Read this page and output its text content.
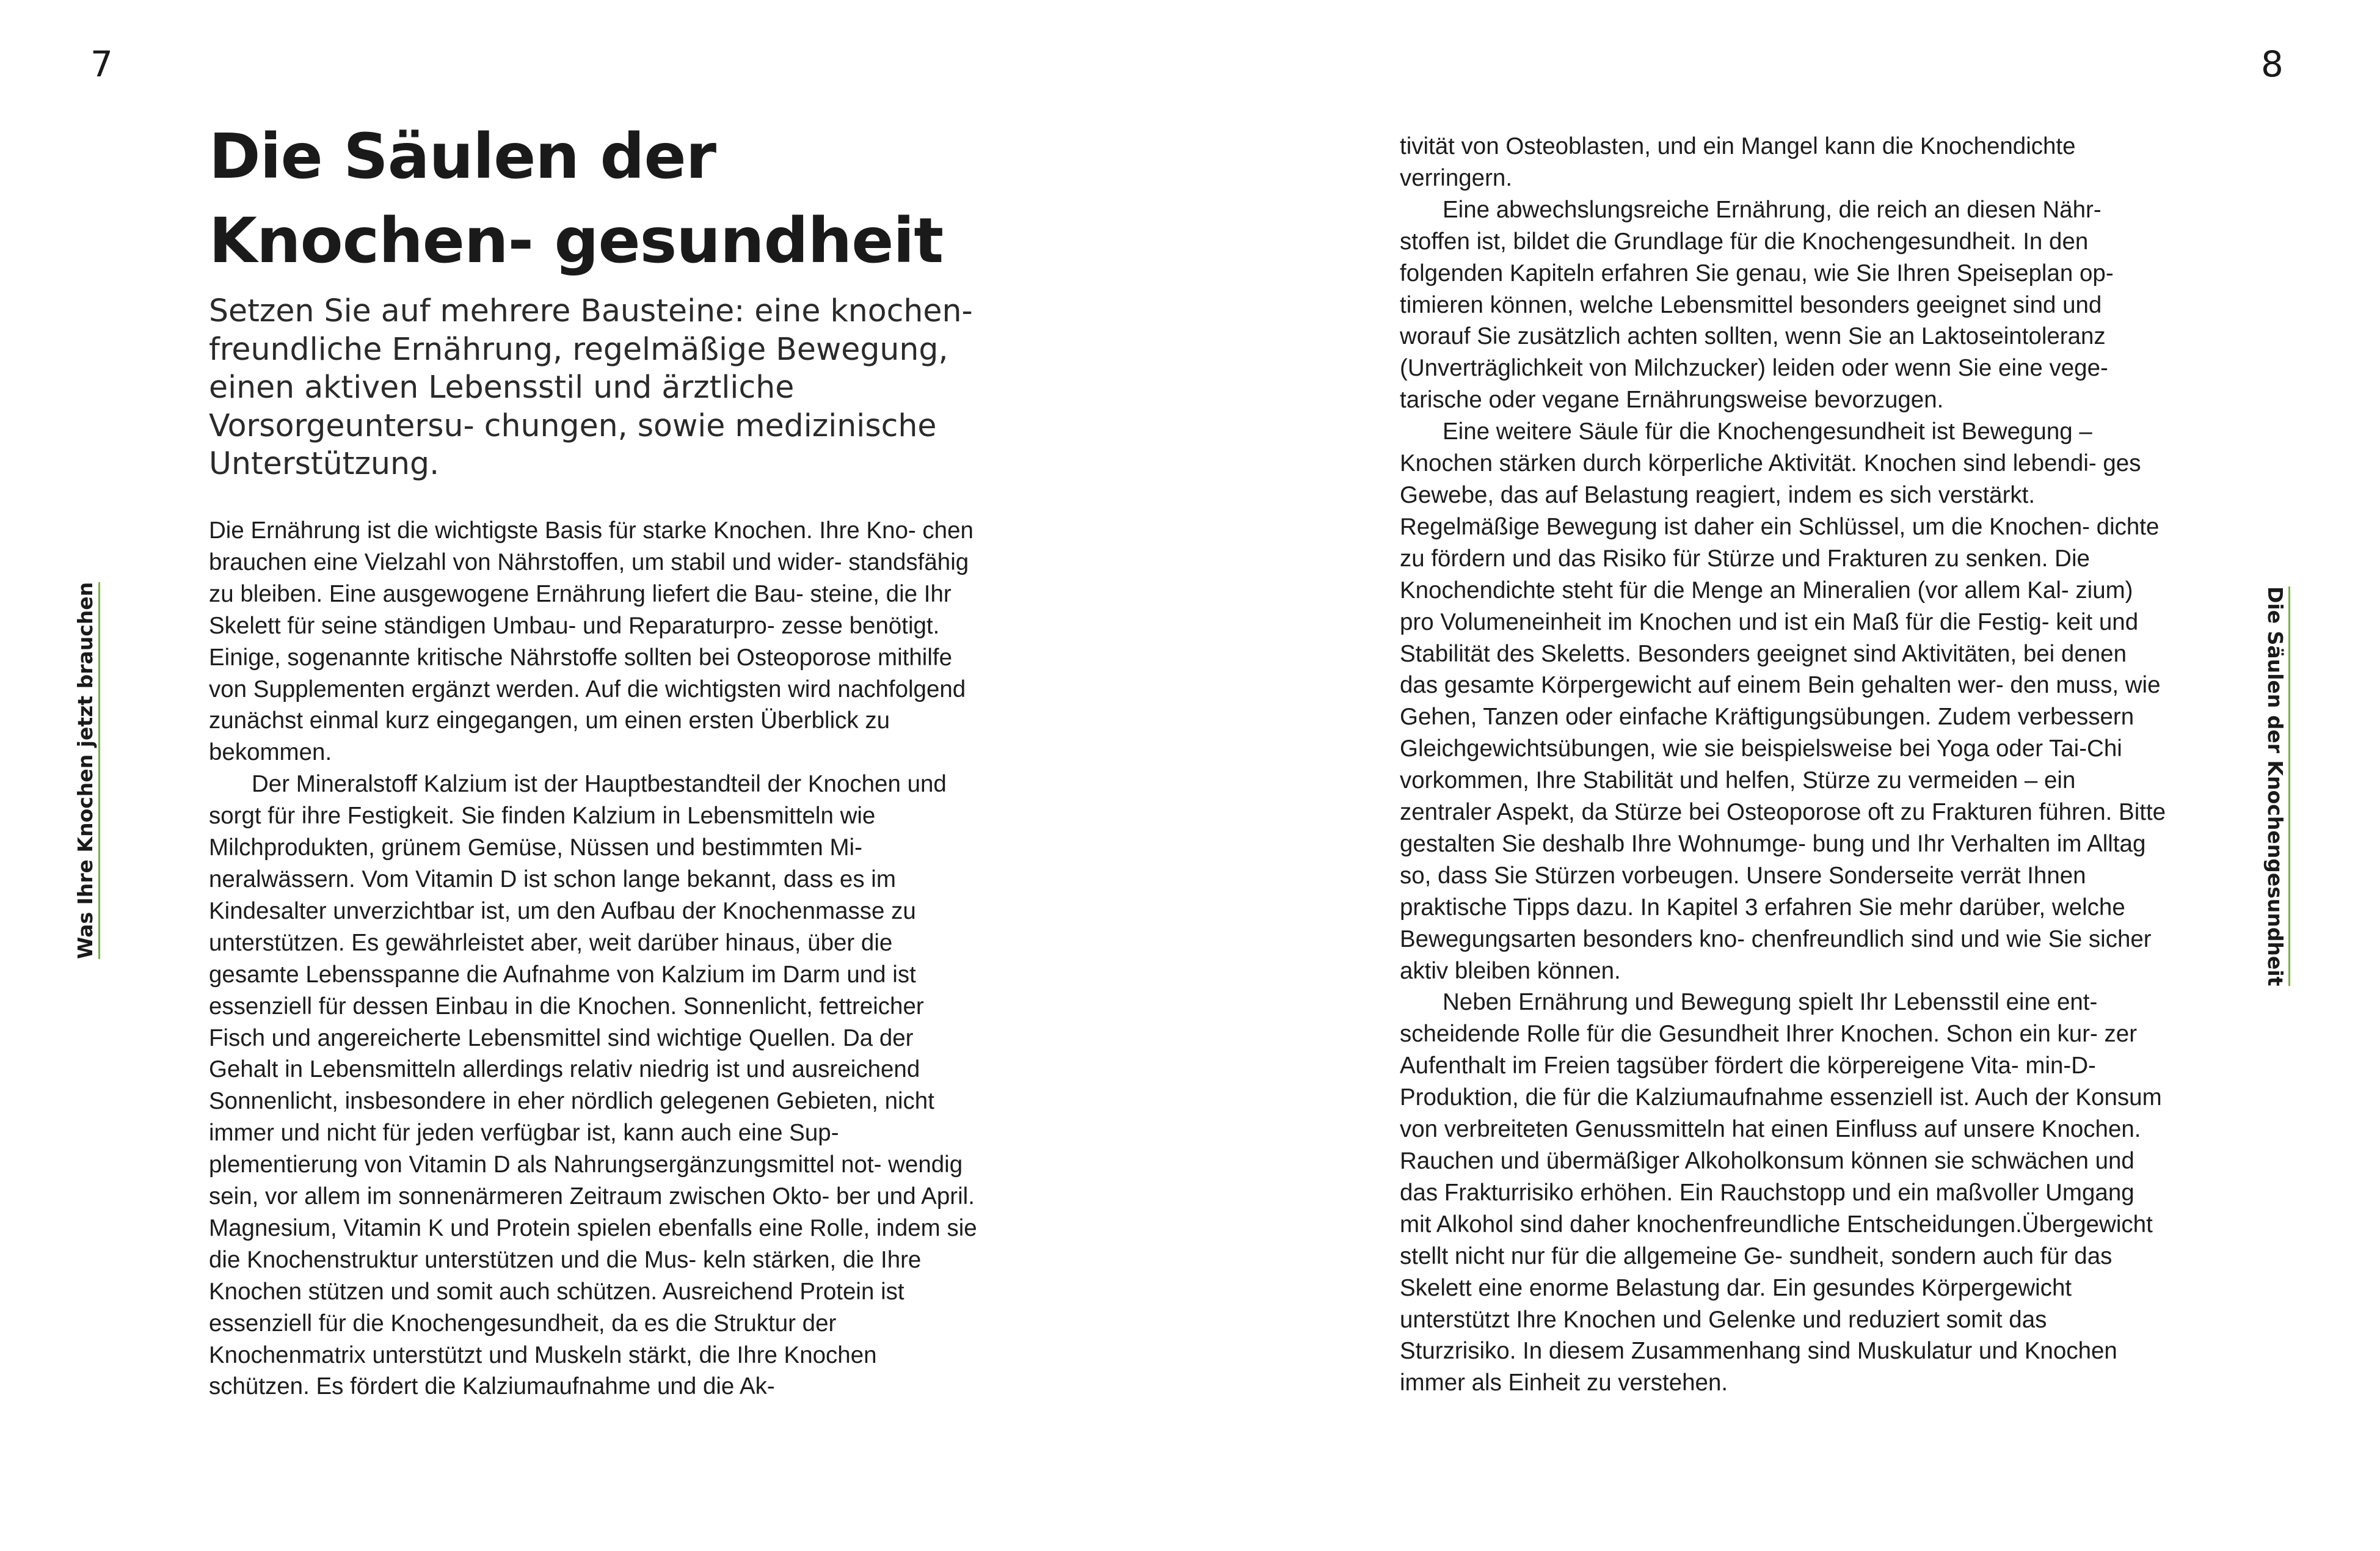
7	8
Die Säulen der Knochen- gesundheit

Setzen Sie auf mehrere Bausteine: eine knochen- freundliche Ernährung, regelmäßige Bewegung, einen aktiven Lebensstil und ärztliche Vorsorgeuntersu- chungen, sowie medizinische Unterstützung.

Die Ernährung ist die wichtigste Basis für starke Knochen. Ihre Kno- chen brauchen eine Vielzahl von Nährstoffen, um stabil und wider- standsfähig zu bleiben. Eine ausgewogene Ernährung liefert die Bau- steine, die Ihr Skelett für seine ständigen Umbau- und Reparaturpro- zesse benötigt. Einige, sogenannte kritische Nährstoffe sollten bei Osteoporose mithilfe von Supplementen ergänzt werden. Auf die wichtigsten wird nachfolgend zunächst einmal kurz eingegangen, um einen ersten Überblick zu bekommen.

Der Mineralstoff Kalzium ist der Hauptbestandteil der Knochen und sorgt für ihre Festigkeit. Sie finden Kalzium in Lebensmitteln wie Milchprodukten, grünem Gemüse, Nüssen und bestimmten Mi- neralwässern. Vom Vitamin D ist schon lange bekannt, dass es im Kindesalter unverzichtbar ist, um den Aufbau der Knochenmasse zu unterstützen. Es gewährleistet aber, weit darüber hinaus, über die gesamte Lebensspanne die Aufnahme von Kalzium im Darm und ist essenziell für dessen Einbau in die Knochen. Sonnenlicht, fettreicher Fisch und angereicherte Lebensmittel sind wichtige Quellen. Da der Gehalt in Lebensmitteln allerdings relativ niedrig ist und ausreichend Sonnenlicht, insbesondere in eher nördlich gelegenen Gebieten, nicht immer und nicht für jeden verfügbar ist, kann auch eine Sup- plementierung von Vitamin D als Nahrungsergänzungsmittel not- wendig sein, vor allem im sonnenärmeren Zeitraum zwischen Okto- ber und April. Magnesium, Vitamin K und Protein spielen ebenfalls eine Rolle, indem sie die Knochenstruktur unterstützen und die Mus- keln stärken, die Ihre Knochen stützen und somit auch schützen. Ausreichend Protein ist essenziell für die Knochengesundheit, da es die Struktur der Knochenmatrix unterstützt und Muskeln stärkt, die Ihre Knochen schützen. Es fördert die Kalziumaufnahme und die Ak-

tivität von Osteoblasten, und ein Mangel kann die Knochendichte verringern.

Eine abwechslungsreiche Ernährung, die reich an diesen Nähr- stoffen ist, bildet die Grundlage für die Knochengesundheit. In den folgenden Kapiteln erfahren Sie genau, wie Sie Ihren Speiseplan op- timieren können, welche Lebensmittel besonders geeignet sind und worauf Sie zusätzlich achten sollten, wenn Sie an Laktoseintoleranz (Unverträglichkeit von Milchzucker) leiden oder wenn Sie eine vege- tarische oder vegane Ernährungsweise bevorzugen.

Eine weitere Säule für die Knochengesundheit ist Bewegung – Knochen stärken durch körperliche Aktivität. Knochen sind lebendi- ges Gewebe, das auf Belastung reagiert, indem es sich verstärkt. Regelmäßige Bewegung ist daher ein Schlüssel, um die Knochen- dichte zu fördern und das Risiko für Stürze und Frakturen zu senken. Die Knochendichte steht für die Menge an Mineralien (vor allem Kal- zium) pro Volumeneinheit im Knochen und ist ein Maß für die Festig- keit und Stabilität des Skeletts. Besonders geeignet sind Aktivitäten, bei denen das gesamte Körpergewicht auf einem Bein gehalten wer- den muss, wie Gehen, Tanzen oder einfache Kräftigungsübungen. Zudem verbessern Gleichgewichtsübungen, wie sie beispielsweise bei Yoga oder Tai-Chi vorkommen, Ihre Stabilität und helfen, Stürze zu vermeiden – ein zentraler Aspekt, da Stürze bei Osteoporose oft zu Frakturen führen. Bitte gestalten Sie deshalb Ihre Wohnumge- bung und Ihr Verhalten im Alltag so, dass Sie Stürzen vorbeugen. Unsere Sonderseite verrät Ihnen praktische Tipps dazu. In Kapitel 3 erfahren Sie mehr darüber, welche Bewegungsarten besonders kno- chenfreundlich sind und wie Sie sicher aktiv bleiben können.

Neben Ernährung und Bewegung spielt Ihr Lebensstil eine ent- scheidende Rolle für die Gesundheit Ihrer Knochen. Schon ein kur- zer Aufenthalt im Freien tagsüber fördert die körpereigene Vita- min-D-Produktion, die für die Kalziumaufnahme essenziell ist. Auch der Konsum von verbreiteten Genussmitteln hat einen Einfluss auf unsere Knochen. Rauchen und übermäßiger Alkoholkonsum können sie schwächen und das Frakturrisiko erhöhen. Ein Rauchstopp und ein maßvoller Umgang mit Alkohol sind daher knochenfreundliche Entscheidungen.Übergewicht stellt nicht nur für die allgemeine Ge- sundheit, sondern auch für das Skelett eine enorme Belastung dar. Ein gesundes Körpergewicht unterstützt Ihre Knochen und Gelenke und reduziert somit das Sturzrisiko. In diesem Zusammenhang sind Muskulatur und Knochen immer als Einheit zu verstehen.

Was Ihre Knochen jetzt brauchen	Die Säulen der Knochengesundheit
